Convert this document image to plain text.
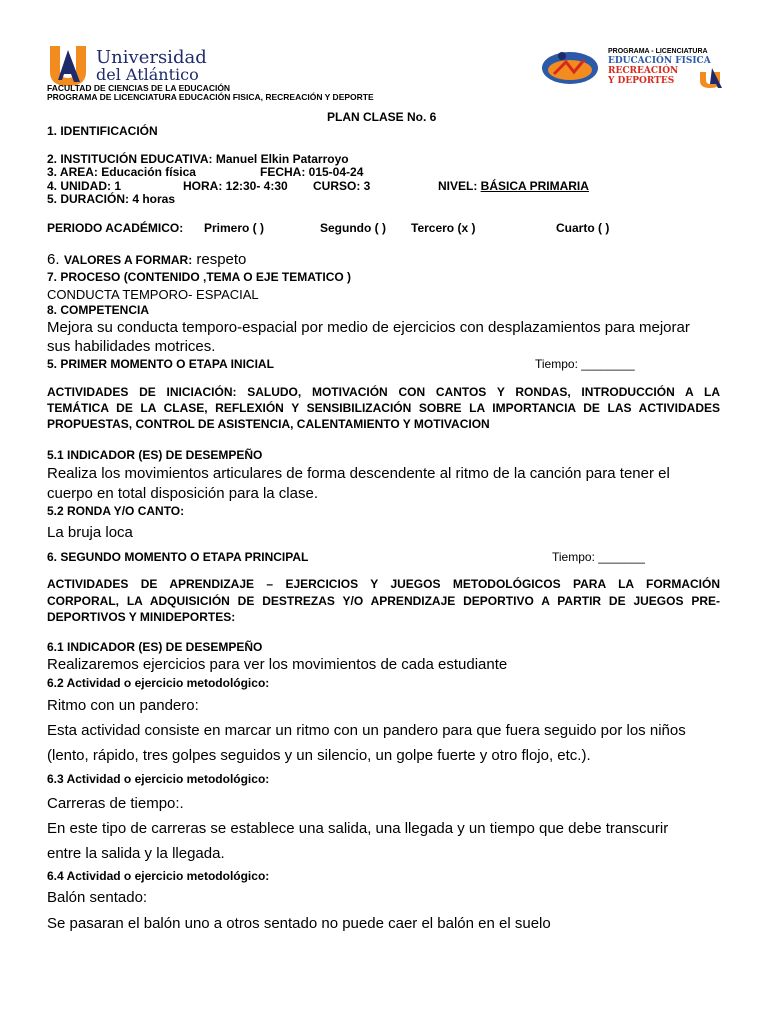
Universidad
del Atlántico
PROGRAMA - LICENCIATURA
EDUCACIÓN FISICA
RECREACIÓN
Y DEPORTES
FACULTAD DE CIENCIAS DE LA EDUCACIÓN
PROGRAMA DE LICENCIATURA EDUCACIÓN FISICA, RECREACIÓN Y DEPORTE
PLAN CLASE No. 6
1. IDENTIFICACIÓN
2. INSTITUCIÓN EDUCATIVA: Manuel Elkin Patarroyo
3. AREA: Educación física	FECHA: 015-04-24
4. UNIDAD: 1	HORA: 12:30- 4:30 CURSO: 3	NIVEL: BÁSICA PRIMARIA
5. DURACIÓN: 4 horas
PERIODO ACADÉMICO: Primero ( )	Segundo ( ) Tercero (x )	Cuarto ( )
6. VALORES A FORMAR: respeto
7. PROCESO (CONTENIDO ,TEMA O EJE TEMATICO )
CONDUCTA TEMPORO- ESPACIAL
8. COMPETENCIA
Mejora su conducta temporo-espacial por medio de ejercicios con desplazamientos para mejorar
sus habilidades motrices.
5. PRIMER MOMENTO O ETAPA INICIAL	Tiempo: ________
ACTIVIDADES DE INICIACIÓN: SALUDO, MOTIVACIÓN CON CANTOS Y RONDAS, INTRODUCCIÓN A LA
TEMÁTICA DE LA CLASE, REFLEXIÓN Y SENSIBILIZACIÓN SOBRE LA IMPORTANCIA DE LAS ACTIVIDADES
PROPUESTAS, CONTROL DE ASISTENCIA, CALENTAMIENTO Y MOTIVACION
5.1 INDICADOR (ES) DE DESEMPEÑO
Realiza los movimientos articulares de forma descendente al ritmo de la canción para tener el
cuerpo en total disposición para la clase.
5.2 RONDA Y/O CANTO:
La bruja loca
6. SEGUNDO MOMENTO O ETAPA PRINCIPAL	Tiempo: _______
ACTIVIDADES DE APRENDIZAJE – EJERCICIOS Y JUEGOS METODOLÓGICOS PARA LA FORMACIÓN
CORPORAL, LA ADQUISICIÓN DE DESTREZAS Y/O APRENDIZAJE DEPORTIVO A PARTIR DE JUEGOS PRE-
DEPORTIVOS Y MINIDEPORTES:
6.1 INDICADOR (ES) DE DESEMPEÑO
Realizaremos ejercicios para ver los movimientos de cada estudiante
6.2 Actividad o ejercicio metodológico:
Ritmo con un pandero:
Esta actividad consiste en marcar un ritmo con un pandero para que fuera seguido por los niños
(lento, rápido, tres golpes seguidos y un silencio, un golpe fuerte y otro flojo, etc.).
6.3 Actividad o ejercicio metodológico:
Carreras de tiempo:.
En este tipo de carreras se establece una salida, una llegada y un tiempo que debe transcurir
entre la salida y la llegada.
6.4 Actividad o ejercicio metodológico:
Balón sentado:
Se pasaran el balón uno a otros sentado no puede caer el balón en el suelo
